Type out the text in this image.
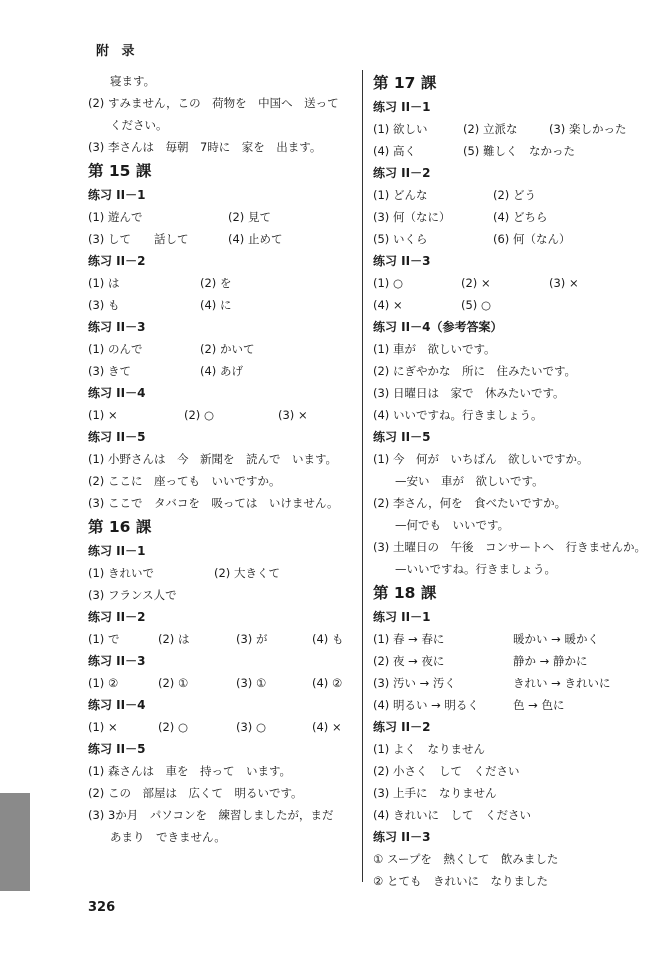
附 录
寝ます。
(2) すみません，この　荷物を　中国へ　送って
ください。
(3) 李さんは　毎朝　7時に　家を　出ます。
第 15 課
练习 II－1
(1) 遊んで	(2) 見て
(3) して　　話して	(4) 止めて
练习 II－2
(1) は	(2) を
(3) も	(4) に
练习 II－3
(1) のんで	(2) かいて
(3) きて	(4) あげ
练习 II－4
(1) ×	(2) ○	(3) ×
练习 II－5
(1) 小野さんは　今　新聞を　読んで　います。
(2) ここに　座っても　いいですか。
(3) ここで　タバコを　吸っては　いけません。
第 16 課
练习 II－1
(1) きれいで	(2) 大きくて
(3) フランス人で
练习 II－2
(1) で	(2) は	(3) が	(4) も
练习 II－3
(1) ②	(2) ①	(3) ①	(4) ②
练习 II－4
(1) ×	(2) ○	(3) ○	(4) ×
练习 II－5
(1) 森さんは　車を　持って　います。
(2) この　部屋は　広くて　明るいです。
(3) 3か月　パソコンを　練習しましたが，まだ
あまり　できません。
第 17 課
练习 II－1
(1) 欲しい	(2) 立派な	(3) 楽しかった
(4) 高く	(5) 難しく　なかった
练习 II－2
(1) どんな	(2) どう
(3) 何（なに）	(4) どちら
(5) いくら	(6) 何（なん）
练习 II－3
(1) ○	(2) ×	(3) ×
(4) ×	(5) ○
练习 II－4（参考答案）
(1) 車が　欲しいです。
(2) にぎやかな　所に　住みたいです。
(3) 日曜日は　家で　休みたいです。
(4) いいですね。行きましょう。
练习 II－5
(1) 今　何が　いちばん　欲しいですか。
—安い　車が　欲しいです。
(2) 李さん，何を　食べたいですか。
—何でも　いいです。
(3) 土曜日の　午後　コンサートへ　行きませんか。
—いいですね。行きましょう。
第 18 課
练习 II－1
(1) 春 → 春に	暖かい → 暖かく
(2) 夜 → 夜に	静か → 静かに
(3) 汚い → 汚く	きれい → きれいに
(4) 明るい → 明るく	色 → 色に
练习 II－2
(1) よく　なりません
(2) 小さく　して　ください
(3) 上手に　なりません
(4) きれいに　して　ください
练习 II－3
① スープを　熱くして　飲みました
② とても　きれいに　なりました
326
